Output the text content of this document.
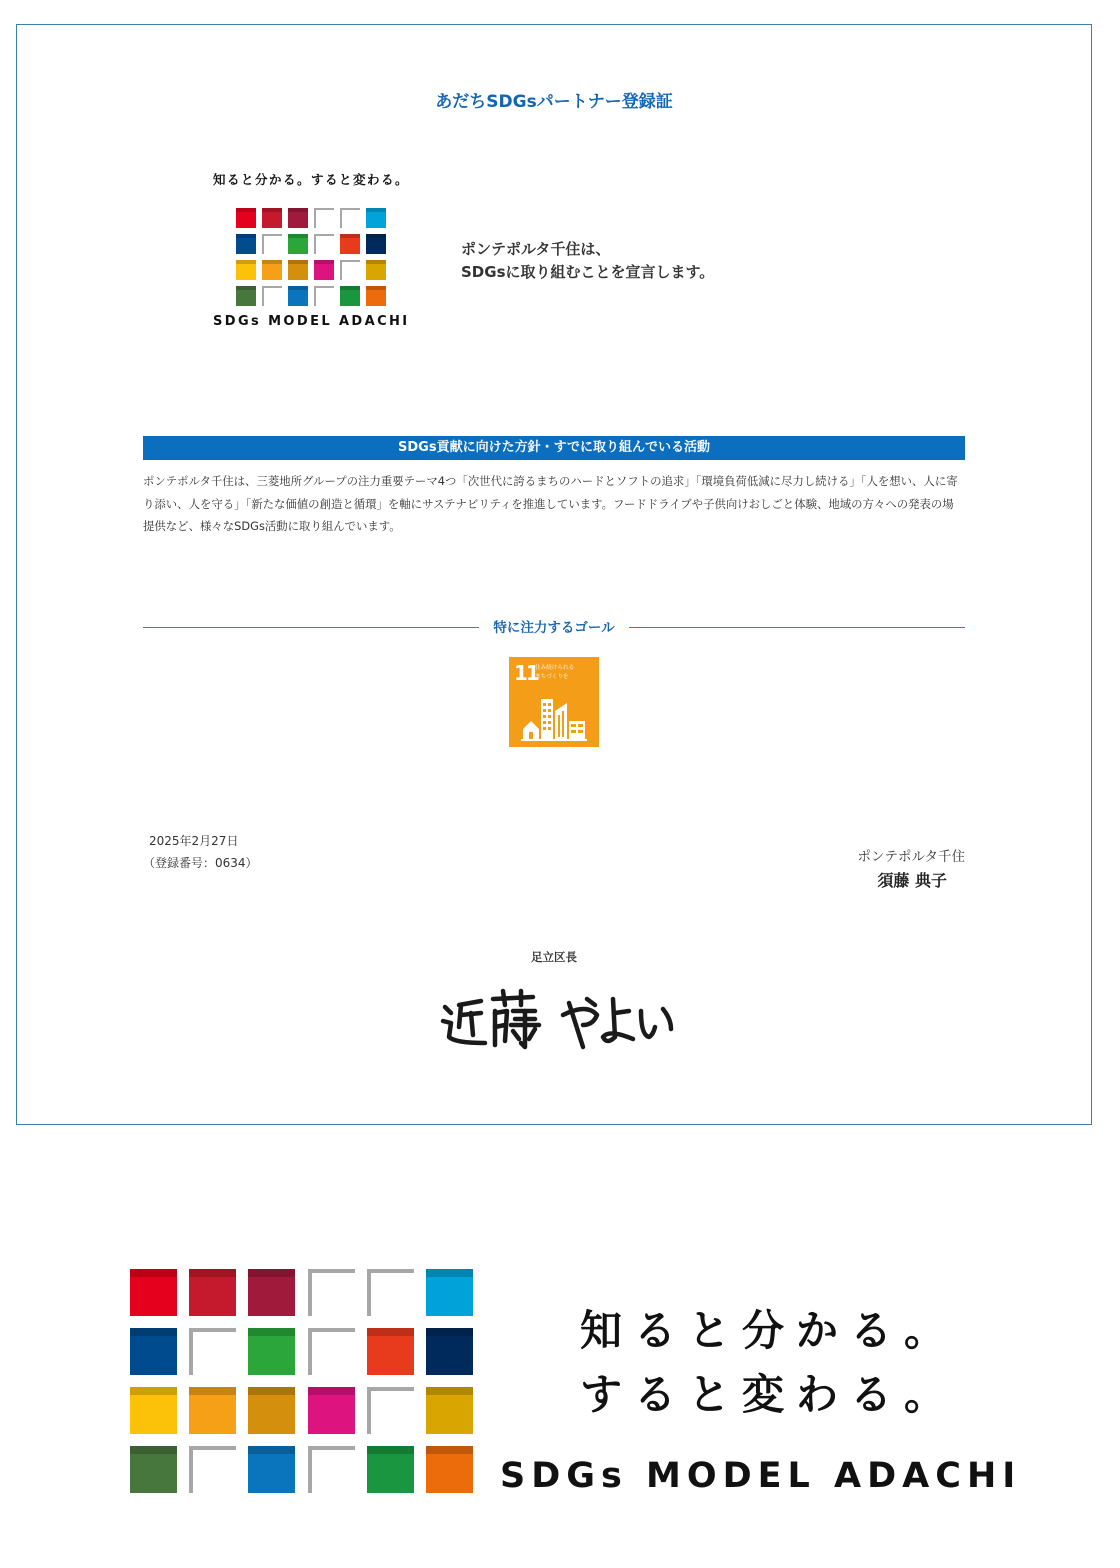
あだちSDGsパートナー登録証
知ると分かる。すると変わる。
SDGs MODEL ADACHI
ポンテポルタ千住は、
SDGsに取り組むことを宣言します。
SDGs貢献に向けた方針・すでに取り組んでいる活動
ポンテポルタ千住は、三菱地所グループの注力重要テーマ4つ「次世代に誇るまちのハードとソフトの追求」「環境負荷低減に尽力し続ける」「人を想い、人に寄り添い、人を守る」「新たな価値の創造と循環」を軸にサステナビリティを推進しています。フードドライブや子供向けおしごと体験、地域の方々への発表の場提供など、様々なSDGs活動に取り組んでいます。
特に注力するゴール
11
住み続けられる
まちづくりを
2025年2月27日
（登録番号：0634）	ポンテポルタ千住
須藤 典子
足立区長
知ると分かる。
すると変わる。
SDGs MODEL ADACHI
